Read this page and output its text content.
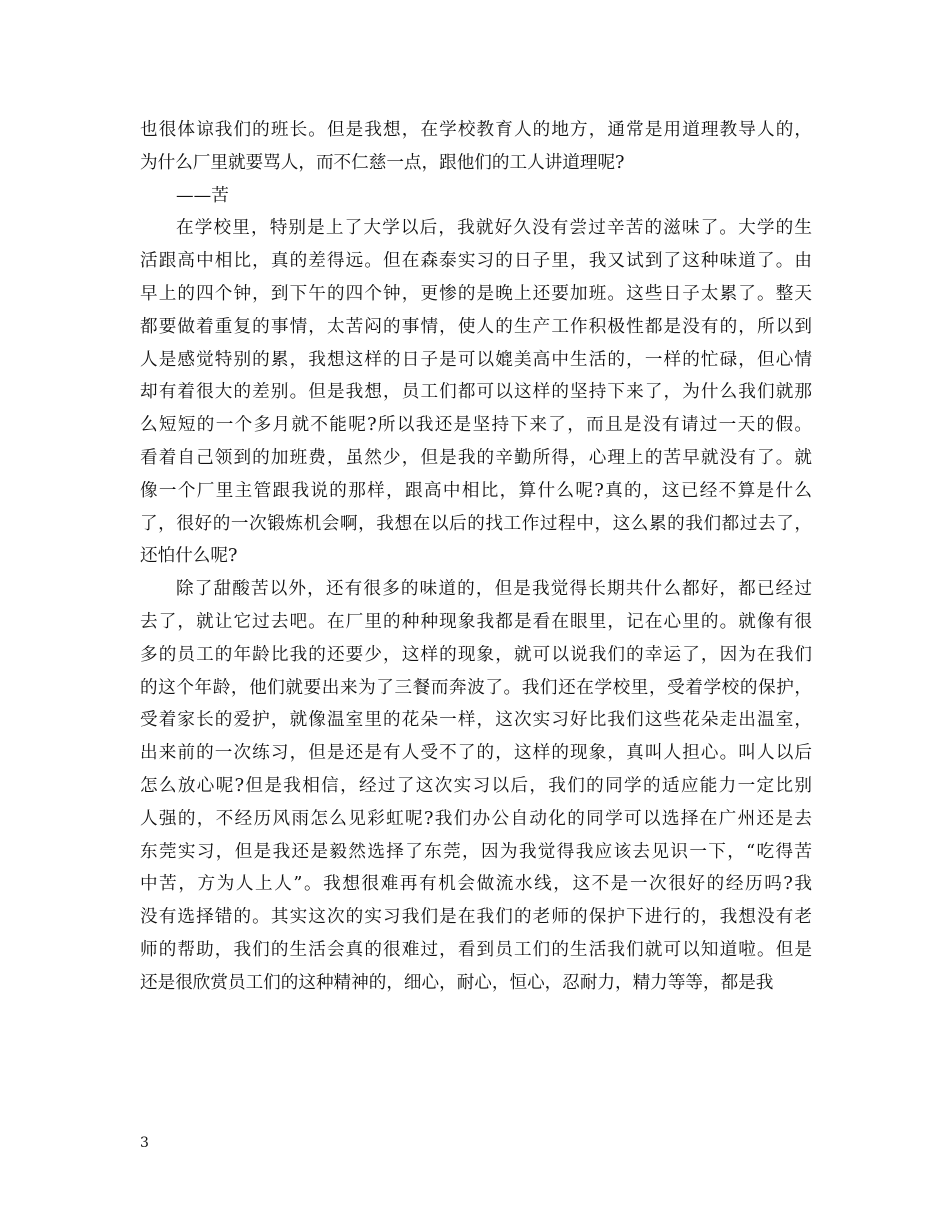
也很体谅我们的班长。但是我想，在学校教育人的地方，通常是用道理教导人的，
为什么厂里就要骂人，而不仁慈一点，跟他们的工人讲道理呢?
——苦
在学校里，特别是上了大学以后，我就好久没有尝过辛苦的滋味了。大学的生
活跟高中相比，真的差得远。但在森泰实习的日子里，我又试到了这种味道了。由
早上的四个钟，到下午的四个钟，更惨的是晚上还要加班。这些日子太累了。整天
都要做着重复的事情，太苦闷的事情，使人的生产工作积极性都是没有的，所以到
人是感觉特别的累，我想这样的日子是可以媲美高中生活的，一样的忙碌，但心情
却有着很大的差别。但是我想，员工们都可以这样的坚持下来了，为什么我们就那
么短短的一个多月就不能呢?所以我还是坚持下来了，而且是没有请过一天的假。
看着自己领到的加班费，虽然少，但是我的辛勤所得，心理上的苦早就没有了。就
像一个厂里主管跟我说的那样，跟高中相比，算什么呢?真的，这已经不算是什么
了，很好的一次锻炼机会啊，我想在以后的找工作过程中，这么累的我们都过去了，
还怕什么呢?
除了甜酸苦以外，还有很多的味道的，但是我觉得长期共什么都好，都已经过
去了，就让它过去吧。在厂里的种种现象我都是看在眼里，记在心里的。就像有很
多的员工的年龄比我的还要少，这样的现象，就可以说我们的幸运了，因为在我们
的这个年龄，他们就要出来为了三餐而奔波了。我们还在学校里，受着学校的保护，
受着家长的爱护，就像温室里的花朵一样，这次实习好比我们这些花朵走出温室，
出来前的一次练习，但是还是有人受不了的，这样的现象，真叫人担心。叫人以后
怎么放心呢?但是我相信，经过了这次实习以后，我们的同学的适应能力一定比别
人强的，不经历风雨怎么见彩虹呢?我们办公自动化的同学可以选择在广州还是去
东莞实习，但是我还是毅然选择了东莞，因为我觉得我应该去见识一下，“吃得苦
中苦，方为人上人”。我想很难再有机会做流水线，这不是一次很好的经历吗?我
没有选择错的。其实这次的实习我们是在我们的老师的保护下进行的，我想没有老
师的帮助，我们的生活会真的很难过，看到员工们的生活我们就可以知道啦。但是
还是很欣赏员工们的这种精神的，细心，耐心，恒心，忍耐力，精力等等，都是我
3
